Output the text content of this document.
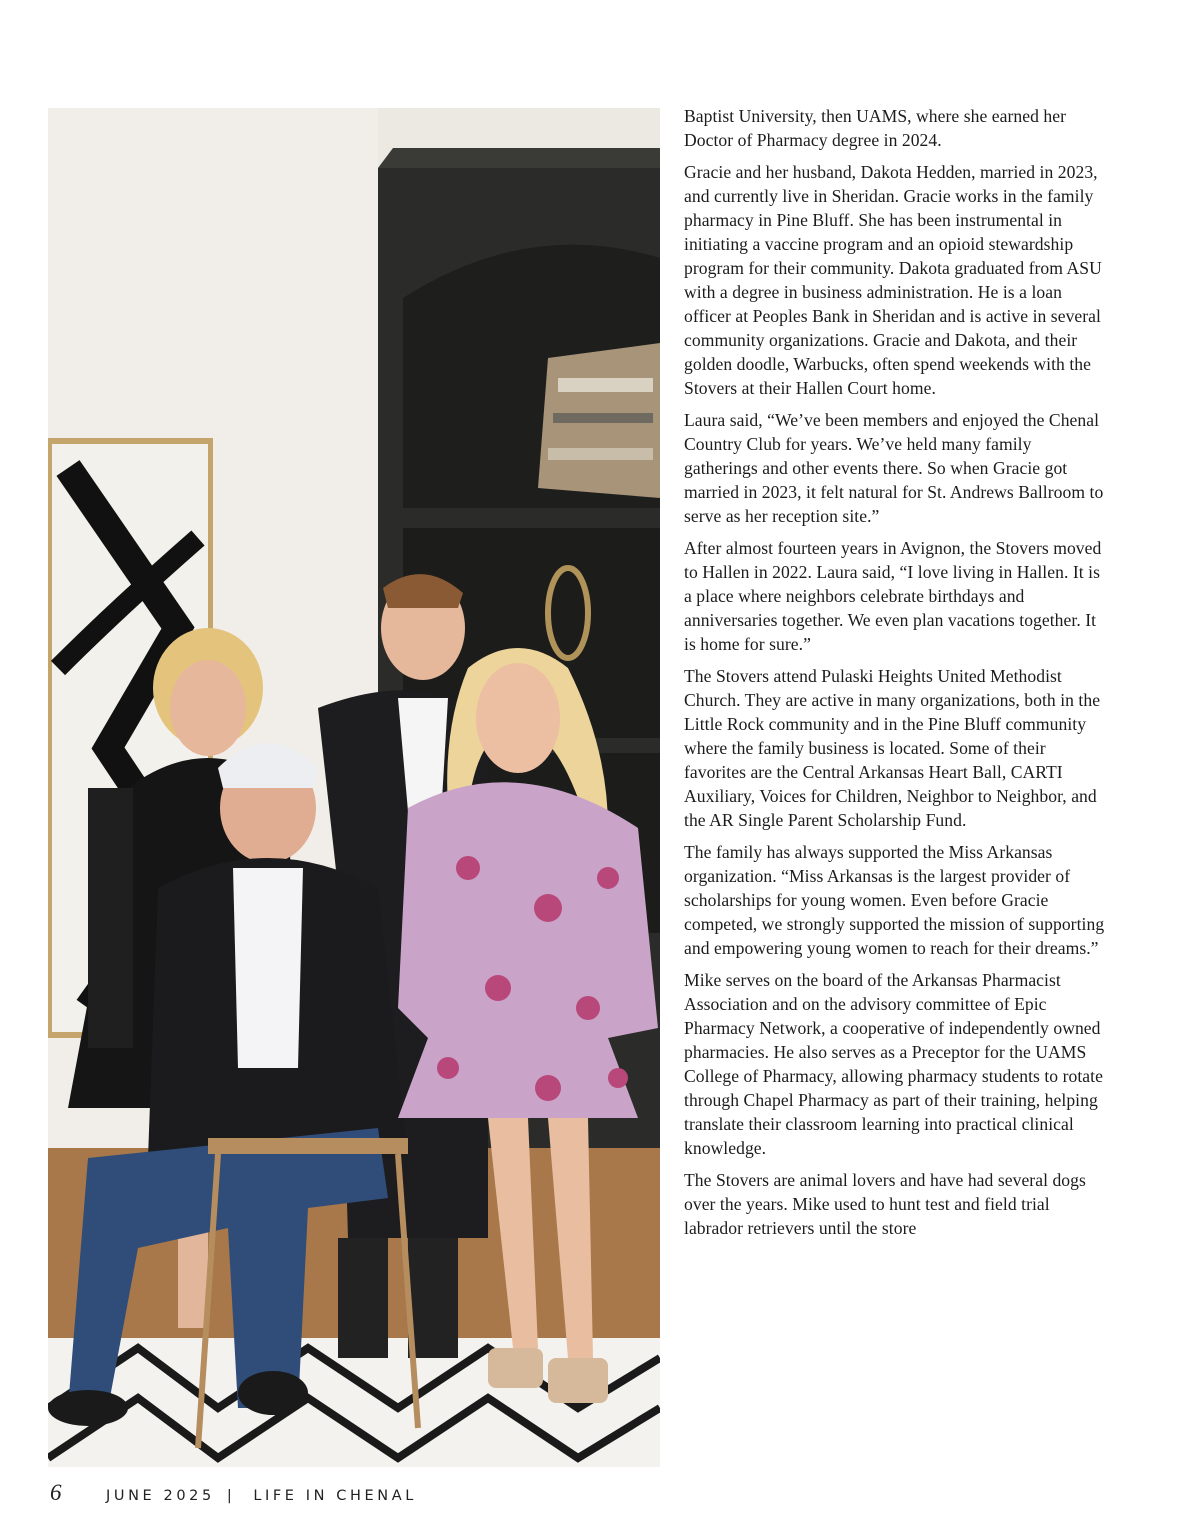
Baptist University, then UAMS, where she earned her Doctor of Pharmacy degree in 2024.

Gracie and her husband, Dakota Hedden, married in 2023, and currently live in Sheridan. Gracie works in the family pharmacy in Pine Bluff. She has been instrumental in initiating a vaccine program and an opioid stewardship program for their community. Dakota graduated from ASU with a degree in business administration. He is a loan officer at Peoples Bank in Sheridan and is active in several community organizations. Gracie and Dakota, and their golden doodle, Warbucks, often spend weekends with the Stovers at their Hallen Court home.

Laura said, “We’ve been members and enjoyed the Chenal Country Club for years. We’ve held many family gatherings and other events there. So when Gracie got married in 2023, it felt natural for St. Andrews Ballroom to serve as her reception site.”

After almost fourteen years in Avignon, the Stovers moved to Hallen in 2022. Laura said, “I love living in Hallen. It is a place where neighbors celebrate birthdays and anniversaries together. We even plan vacations together. It is home for sure.”

The Stovers attend Pulaski Heights United Methodist Church. They are active in many organizations, both in the Little Rock community and in the Pine Bluff community where the family business is located. Some of their favorites are the Central Arkansas Heart Ball, CARTI Auxiliary, Voices for Children, Neighbor to Neighbor, and the AR Single Parent Scholarship Fund.

The family has always supported the Miss Arkansas organization. “Miss Arkansas is the largest provider of scholarships for young women. Even before Gracie competed, we strongly supported the mission of supporting and empowering young women to reach for their dreams.”

Mike serves on the board of the Arkansas Pharmacist Association and on the advisory committee of Epic Pharmacy Network, a cooperative of independently owned pharmacies. He also serves as a Preceptor for the UAMS College of Pharmacy, allowing pharmacy students to rotate through Chapel Pharmacy as part of their training, helping translate their classroom learning into practical clinical knowledge.

The Stovers are animal lovers and have had several dogs over the years. Mike used to hunt test and field trial labrador retrievers until the store

6	JUNE 2025 | LIFE IN CHENAL
